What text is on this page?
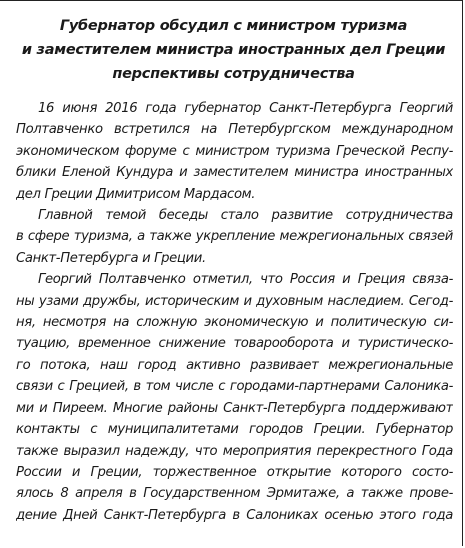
Губернатор обсудил с министром туризма
и заместителем министра иностранных дел Греции
перспективы сотрудничества
16 июня 2016 года губернатор Санкт-Петербурга Георгий
Полтавченко встретился на Петербургском международном
экономическом форуме с министром туризма Греческой Респу-
блики Еленой Кундура и заместителем министра иностранных
дел Греции Димитрисом Мардасом.
Главной темой беседы стало развитие сотрудничества
в сфере туризма, а также укрепление межрегиональных связей
Санкт-Петербурга и Греции.
Георгий Полтавченко отметил, что Россия и Греция связа-
ны узами дружбы, историческим и духовным наследием. Сегод-
ня, несмотря на сложную экономическую и политическую си-
туацию, временное снижение товарооборота и туристическо-
го потока, наш город активно развивает межрегиональные
связи с Грецией, в том числе с городами-партнерами Салоника-
ми и Пиреем. Многие районы Санкт-Петербурга поддерживают
контакты с муниципалитетами городов Греции. Губернатор
также выразил надежду, что мероприятия перекрестного Года
России и Греции, торжественное открытие которого состо-
ялось 8 апреля в Государственном Эрмитаже, а также прове-
дение Дней Санкт-Петербурга в Салониках осенью этого года
